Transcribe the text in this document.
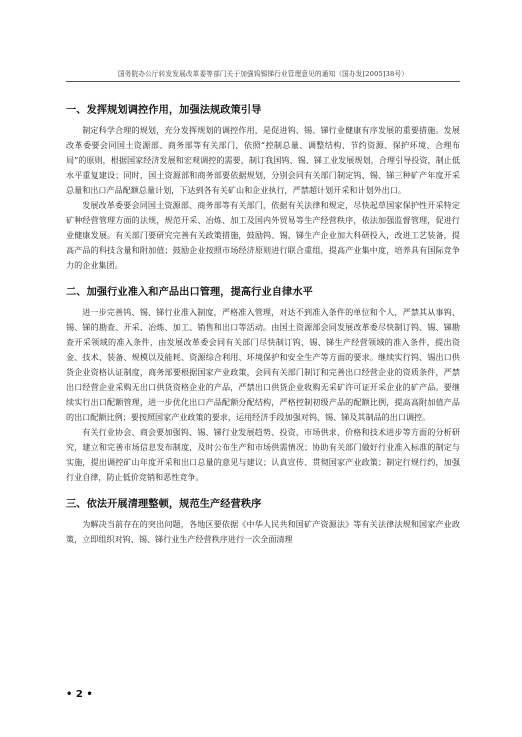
国务院办公厅转发发展改革委等部门关于加强钨锡锑行业管理意见的通知（国办发[2005]38号）
一、发挥规划调控作用，加强法规政策引导

制定科学合理的规划，充分发挥规划的调控作用，是促进钨、锡、锑行业健康有序发展的重要措施。发展改革委要会同国土资源部、商务部等有关部门，依照“控制总量、调整结构、节约资源、保护环境、合理布局”的原则，根据国家经济发展和宏观调控的需要，制订我国钨、锡、锑工业发展规划，合理引导投资，制止低水平重复建设；同时，国土资源部和商务部要依据规划，分别会同有关部门制定钨、锡、锑三种矿产年度开采总量和出口产品配额总量计划，下达到各有关矿山和企业执行，严禁超计划开采和计划外出口。

发展改革委要会同国土资源部、商务部等有关部门，依据有关法律和规定，尽快起草国家保护性开采特定矿种经营管理方面的法规，规范开采、冶炼、加工及国内外贸易等生产经营秩序，依法加强监督管理，促进行业健康发展。有关部门要研究完善有关政策措施，鼓励钨、锡、锑生产企业加大科研投入，改进工艺装备，提高产品的科技含量和附加值；鼓励企业按照市场经济原则进行联合重组，提高产业集中度，培养具有国际竞争力的企业集团。

二、加强行业准入和产品出口管理，提高行业自律水平

进一步完善钨、锡、锑行业准入制度，严格准入管理，对达不到准入条件的单位和个人，严禁其从事钨、锡、锑的勘查、开采、冶炼、加工、销售和出口等活动。由国土资源部会同发展改革委尽快制订钨、锡、锑勘查开采领域的准入条件，由发展改革委会同有关部门尽快制订钨、锡、锑生产经营领域的准入条件，提出资金、技术、装备、规模以及能耗、资源综合利用、环境保护和安全生产等方面的要求。继续实行钨、锡出口供货企业资格认证制度，商务部要根据国家产业政策，会同有关部门制订和完善出口经营企业的资质条件，严禁出口经营企业采购无出口供货资格企业的产品，严禁出口供货企业收购无采矿许可证开采企业的矿产品。要继续实行出口配额管理，进一步优化出口产品配额分配结构，严格控制初级产品的配额比例，提高高附加值产品的出口配额比例；要按照国家产业政策的要求，运用经济手段加强对钨、锡、锑及其制品的出口调控。

有关行业协会、商会要加强钨、锡、锑行业发展趋势、投资、市场供求、价格和技术进步等方面的分析研究，建立和完善市场信息发布制度，及时公布生产和市场供需情况；协助有关部门做好行业准入标准的制定与实施，提出调控矿山年度开采和出口总量的意见与建议；认真宣传、贯彻国家产业政策；制定行规行约，加强行业自律，防止低价竞销和恶性竞争。

三、依法开展清理整顿，规范生产经营秩序

为解决当前存在的突出问题，各地区要依据《中华人民共和国矿产资源法》等有关法律法规和国家产业政策，立即组织对钨、锡、锑行业生产经营秩序进行一次全面清理

• 2 •
